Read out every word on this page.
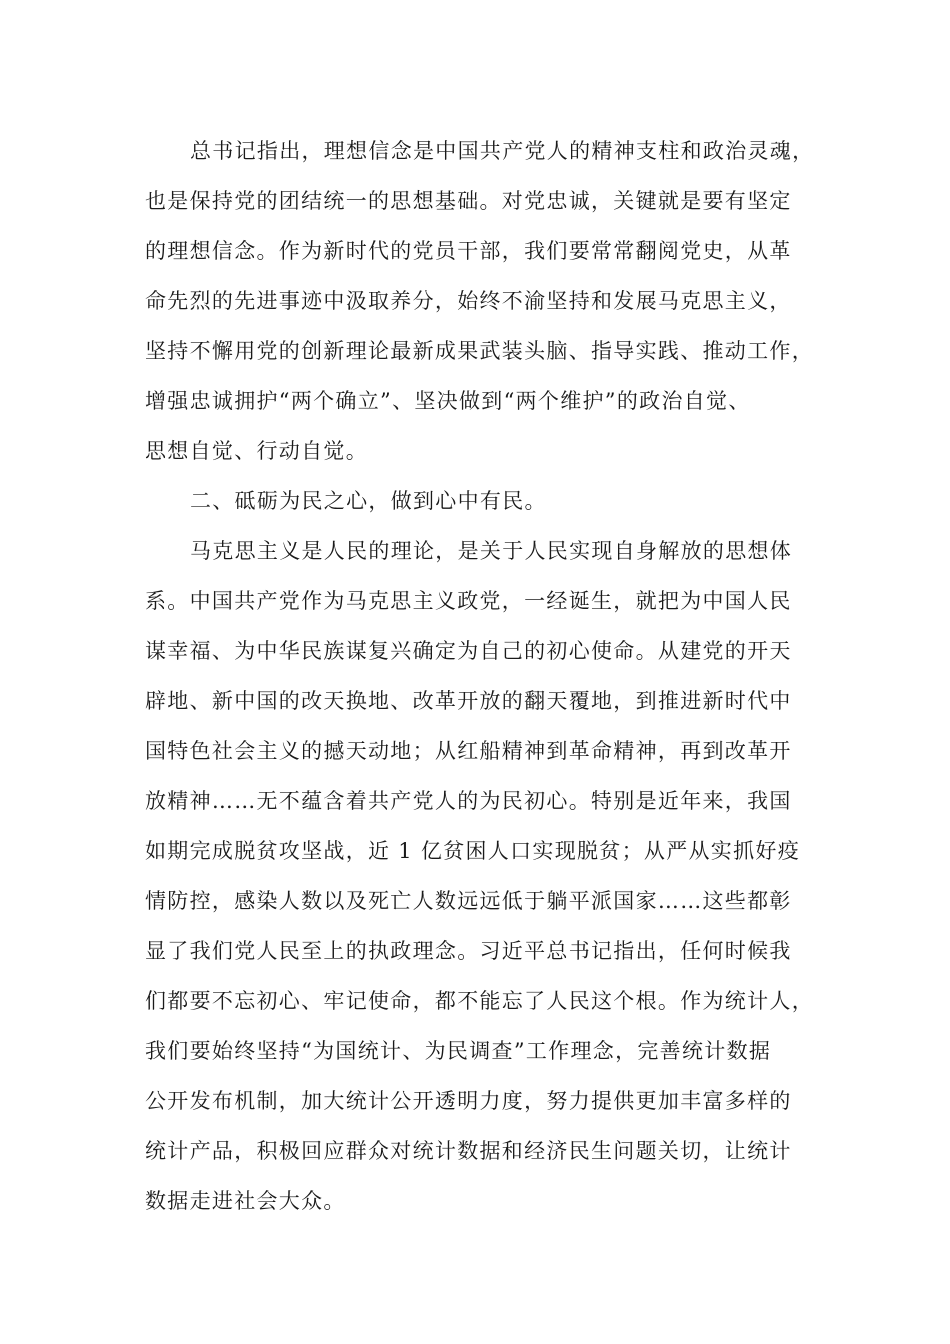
总书记指出，理想信念是中国共产党人的精神支柱和政治灵魂，
也是保持党的团结统一的思想基础。对党忠诚，关键就是要有坚定
的理想信念。作为新时代的党员干部，我们要常常翻阅党史，从革
命先烈的先进事迹中汲取养分，始终不渝坚持和发展马克思主义，
坚持不懈用党的创新理论最新成果武装头脑、指导实践、推动工作，
增强忠诚拥护“两个确立”、坚决做到“两个维护”的政治自觉、
思想自觉、行动自觉。
二、砥砺为民之心，做到心中有民。
马克思主义是人民的理论，是关于人民实现自身解放的思想体
系。中国共产党作为马克思主义政党，一经诞生，就把为中国人民
谋幸福、为中华民族谋复兴确定为自己的初心使命。从建党的开天
辟地、新中国的改天换地、改革开放的翻天覆地，到推进新时代中
国特色社会主义的撼天动地；从红船精神到革命精神，再到改革开
放精神……无不蕴含着共产党人的为民初心。特别是近年来，我国
如期完成脱贫攻坚战，近 1 亿贫困人口实现脱贫；从严从实抓好疫
情防控，感染人数以及死亡人数远远低于躺平派国家……这些都彰
显了我们党人民至上的执政理念。习近平总书记指出，任何时候我
们都要不忘初心、牢记使命，都不能忘了人民这个根。作为统计人，
我们要始终坚持“为国统计、为民调查”工作理念，完善统计数据
公开发布机制，加大统计公开透明力度，努力提供更加丰富多样的
统计产品，积极回应群众对统计数据和经济民生问题关切，让统计
数据走进社会大众。
